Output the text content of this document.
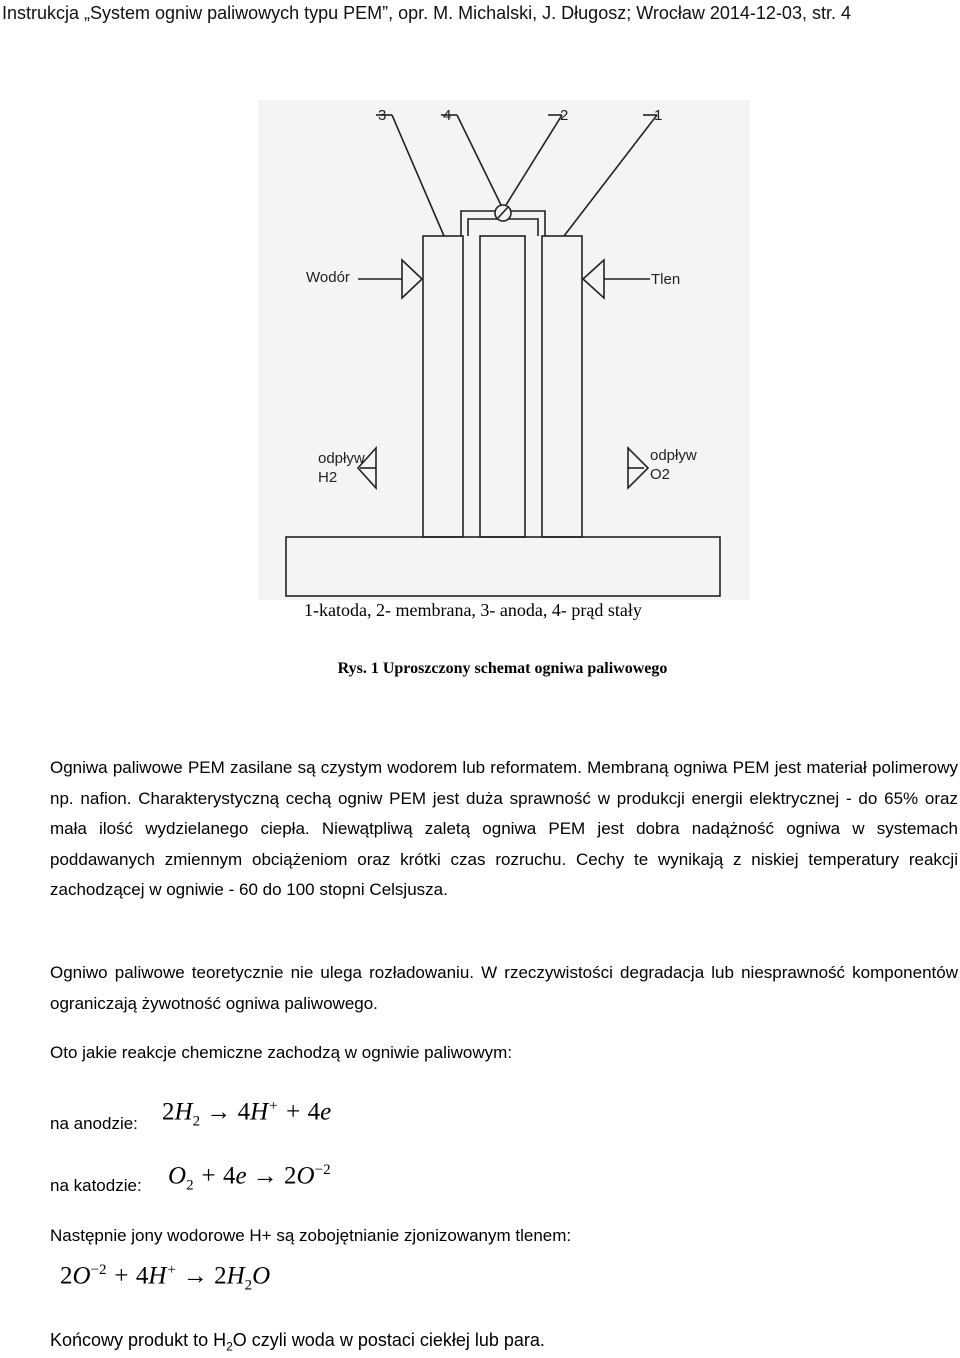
Instrukcja „System ogniw paliwowych typu PEM”, opr. M. Michalski, J. Długosz; Wrocław 2014-12-03, str. 4
3	4	2	1
Wodór	Tlen
odpływ
H2
odpływ
O2
1-katoda, 2- membrana, 3- anoda, 4- prąd stały
Rys. 1 Uproszczony schemat ogniwa paliwowego
Ogniwa paliwowe PEM zasilane są czystym wodorem lub reformatem. Membraną ogniwa PEM jest materiał polimerowy np. nafion. Charakterystyczną cechą ogniw PEM jest duża sprawność w produkcji energii elektrycznej - do 65% oraz mała ilość wydzielanego ciepła. Niewątpliwą zaletą ogniwa PEM jest dobra nadążność ogniwa w systemach poddawanych zmiennym obciążeniom oraz krótki czas rozruchu. Cechy te wynikają z niskiej temperatury reakcji zachodzącej w ogniwie - 60 do 100 stopni Celsjusza.
Ogniwo paliwowe teoretycznie nie ulega rozładowaniu. W rzeczywistości degradacja lub niesprawność komponentów ograniczają żywotność ogniwa paliwowego.
Oto jakie reakcje chemiczne zachodzą w ogniwie paliwowym:
na anodzie: $2H_2 \to 4H^+ + 4e$
na katodzie: $O_2 + 4e \to 2O^{-2}$
Następnie jony wodorowe H+ są zobojętnianie zjonizowanym tlenem:
$2O^{-2} + 4H^+ \to 2H_2O$
Końcowy produkt to $H_2O$ czyli woda w postaci ciekłej lub para.
